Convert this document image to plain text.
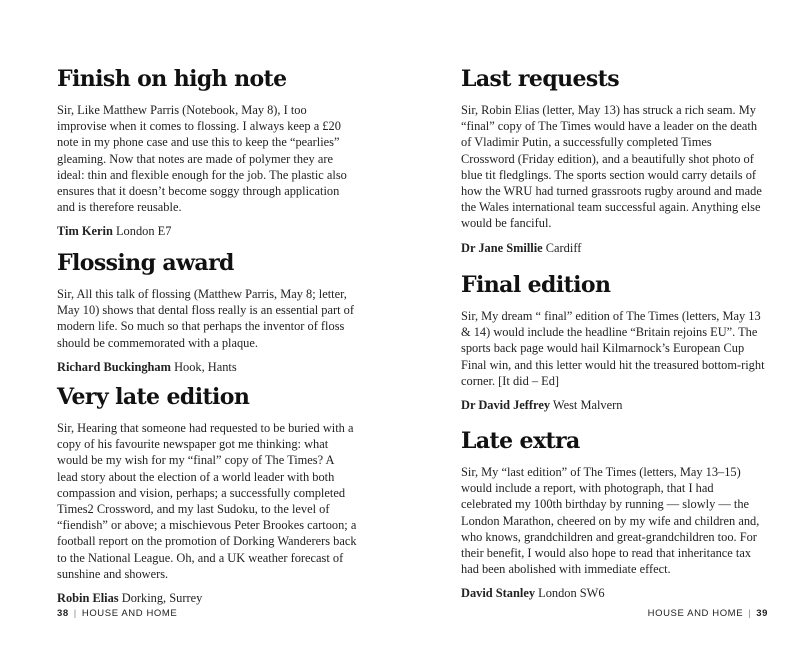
Finish on high note

Sir, Like Matthew Parris (Notebook, May 8), I too improvise when it comes to flossing. I always keep a £20 note in my phone case and use this to keep the “pearlies” gleaming. Now that notes are made of polymer they are ideal: thin and flexible enough for the job. The plastic also ensures that it doesn’t become soggy through application and is therefore reusable.

Tim Kerin London E7

Flossing award

Sir, All this talk of flossing (Matthew Parris, May 8; letter, May 10) shows that dental floss really is an essential part of modern life. So much so that perhaps the inventor of floss should be commemorated with a plaque.

Richard Buckingham Hook, Hants

Very late edition

Sir, Hearing that someone had requested to be buried with a copy of his favourite newspaper got me thinking: what would be my wish for my “final” copy of The Times? A lead story about the election of a world leader with both compassion and vision, perhaps; a successfully completed Times2 Crossword, and my last Sudoku, to the level of “fiendish” or above; a mischievous Peter Brookes cartoon; a football report on the promotion of Dorking Wanderers back to the National League. Oh, and a UK weather forecast of sunshine and showers.

Robin Elias Dorking, Surrey

Last requests

Sir, Robin Elias (letter, May 13) has struck a rich seam. My “final” copy of The Times would have a leader on the death of Vladimir Putin, a successfully completed Times Crossword (Friday edition), and a beautifully shot photo of blue tit fledglings. The sports section would carry details of how the WRU had turned grassroots rugby around and made the Wales international team successful again. Anything else would be fanciful.

Dr Jane Smillie Cardiff

Final edition

Sir, My dream “ final” edition of The Times (letters, May 13 & 14) would include the headline “Britain rejoins EU”. The sports back page would hail Kilmarnock’s European Cup Final win, and this letter would hit the treasured bottom-right corner. [It did – Ed]

Dr David Jeffrey West Malvern

Late extra

Sir, My “last edition” of The Times (letters, May 13–15) would include a report, with photograph, that I had celebrated my 100th birthday by running — slowly — the London Marathon, cheered on by my wife and children and, who knows, grandchildren and great-grandchildren too. For their benefit, I would also hope to read that inheritance tax had been abolished with immediate effect.

David Stanley London SW6

38 | HOUSE AND HOME	HOUSE AND HOME | 39
